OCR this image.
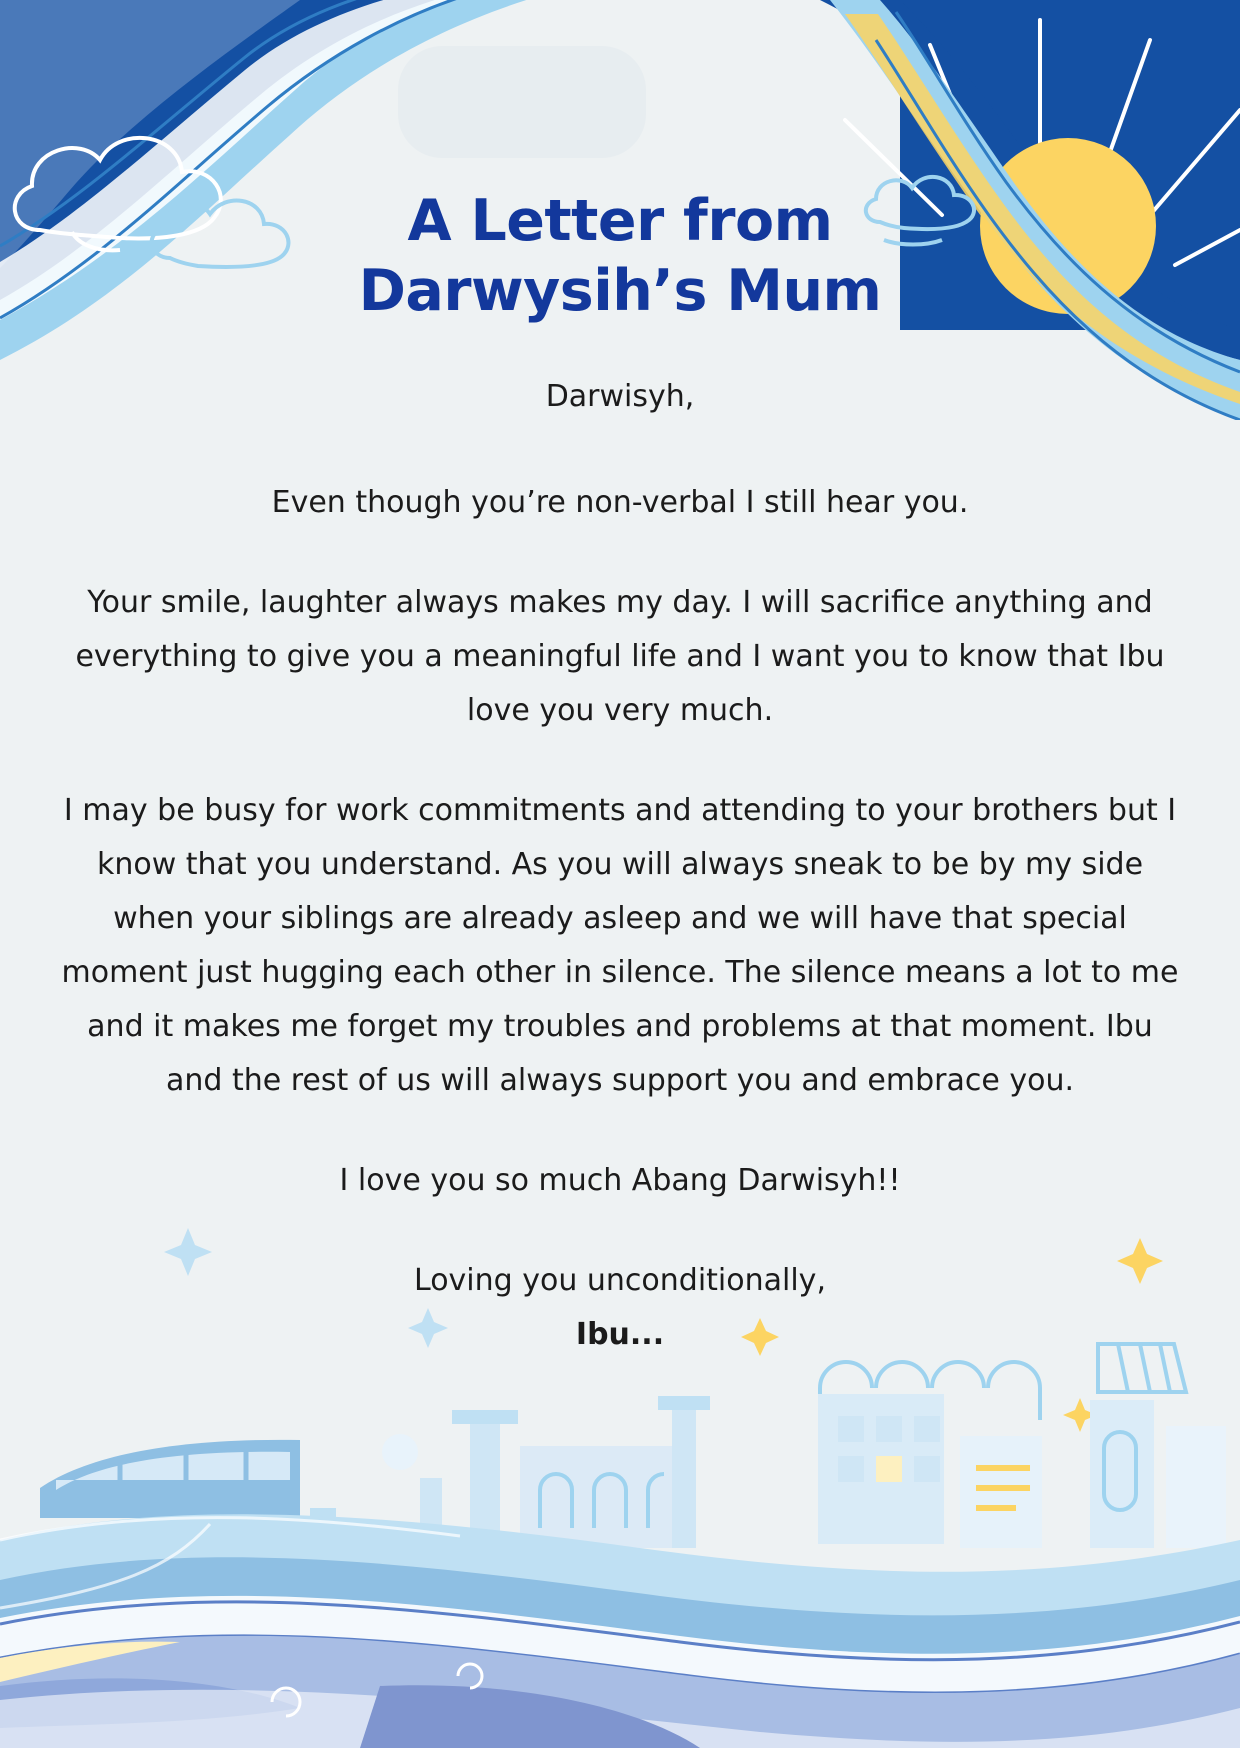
A Letter from
Darwysih’s Mum

Darwisyh,

Even though you’re non-verbal I still hear you.

Your smile, laughter always makes my day. I will sacrifice anything and everything to give you a meaningful life and I want you to know that Ibu love you very much.

I may be busy for work commitments and attending to your brothers but I know that you understand. As you will always sneak to be by my side when your siblings are already asleep and we will have that special moment just hugging each other in silence. The silence means a lot to me and it makes me forget my troubles and problems at that moment. Ibu and the rest of us will always support you and embrace you.

I love you so much Abang Darwisyh!!

Loving you unconditionally,
Ibu...
